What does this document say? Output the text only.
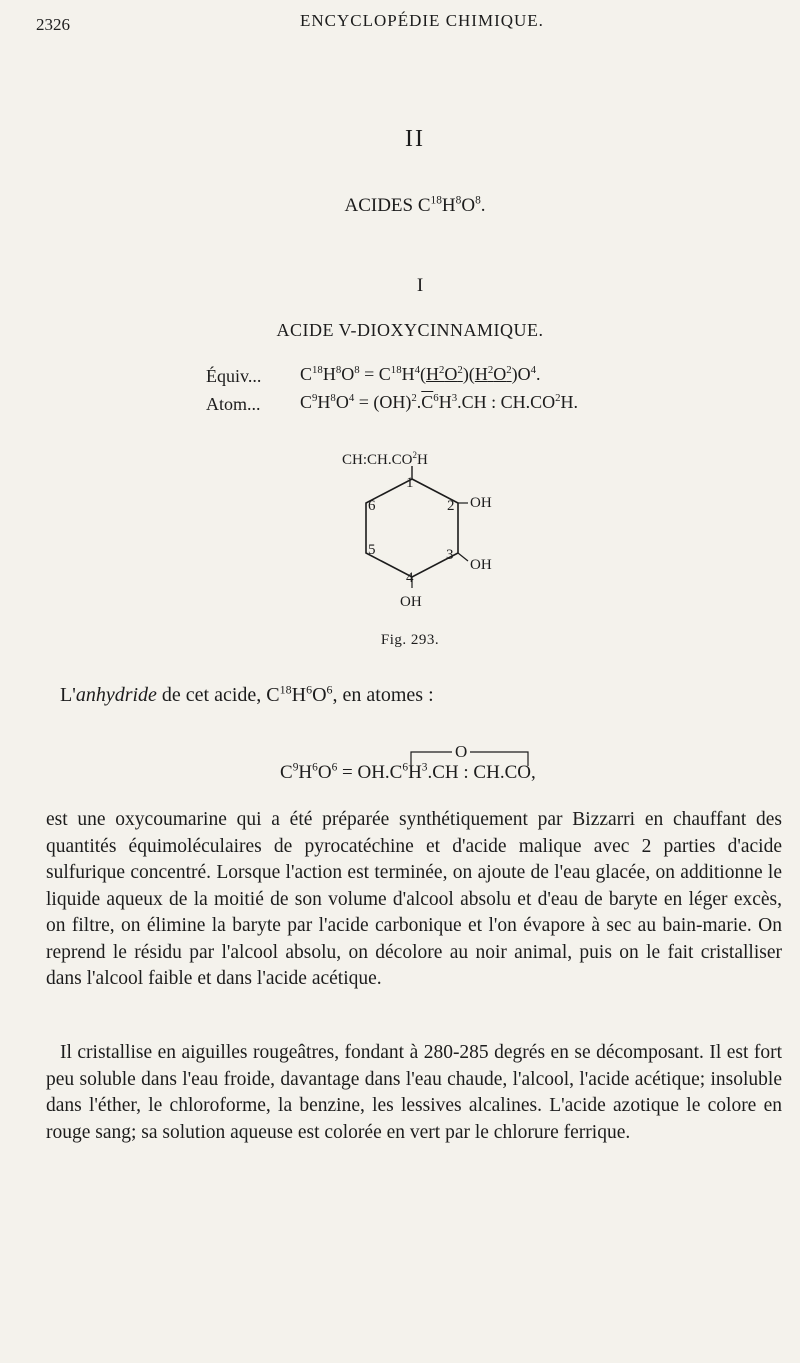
2326	ENCYCLOPÉDIE CHIMIQUE.
II
ACIDES $C^{18}H^8O^8$.
I
ACIDE V-DIOXYCINNAMIQUE.
Équiv... $C^{18}H^8O^8 = C^{18}H^4(H^2O^2)(H^2O^2)O^4$.
Atom... $C^9H^8O^4 = (OH)^2.\overline{C}^6H^3.CH$ : $CH.CO^2H$.
$CH:CH.CO^2H$
1
2
3
4
5
6	OH
OH
OH
Fig. 293.
L'anhydride de cet acide, $C^{18}H^6O^6$, en atomes :
O
$C^9H^6O^6 = OH.C^6H^3.CH$ : CH.CO,

est une oxycoumarine qui a été préparée synthétiquement par Bizzarri en chauffant des quantités équimoléculaires de pyrocatéchine et d'acide malique avec 2 parties d'acide sulfurique concentré. Lorsque l'action est terminée, on ajoute de l'eau glacée, on additionne le liquide aqueux de la moitié de son volume d'alcool absolu et d'eau de baryte en léger excès, on filtre, on élimine la baryte par l'acide carbonique et l'on évapore à sec au bain-marie. On reprend le résidu par l'alcool absolu, on décolore au noir animal, puis on le fait cristalliser dans l'alcool faible et dans l'acide acétique.

Il cristallise en aiguilles rougeâtres, fondant à 280-285 degrés en se décomposant. Il est fort peu soluble dans l'eau froide, davantage dans l'eau chaude, l'alcool, l'acide acétique; insoluble dans l'éther, le chloroforme, la benzine, les lessives alcalines. L'acide azotique le colore en rouge sang; sa solution aqueuse est colorée en vert par le chlorure ferrique.
